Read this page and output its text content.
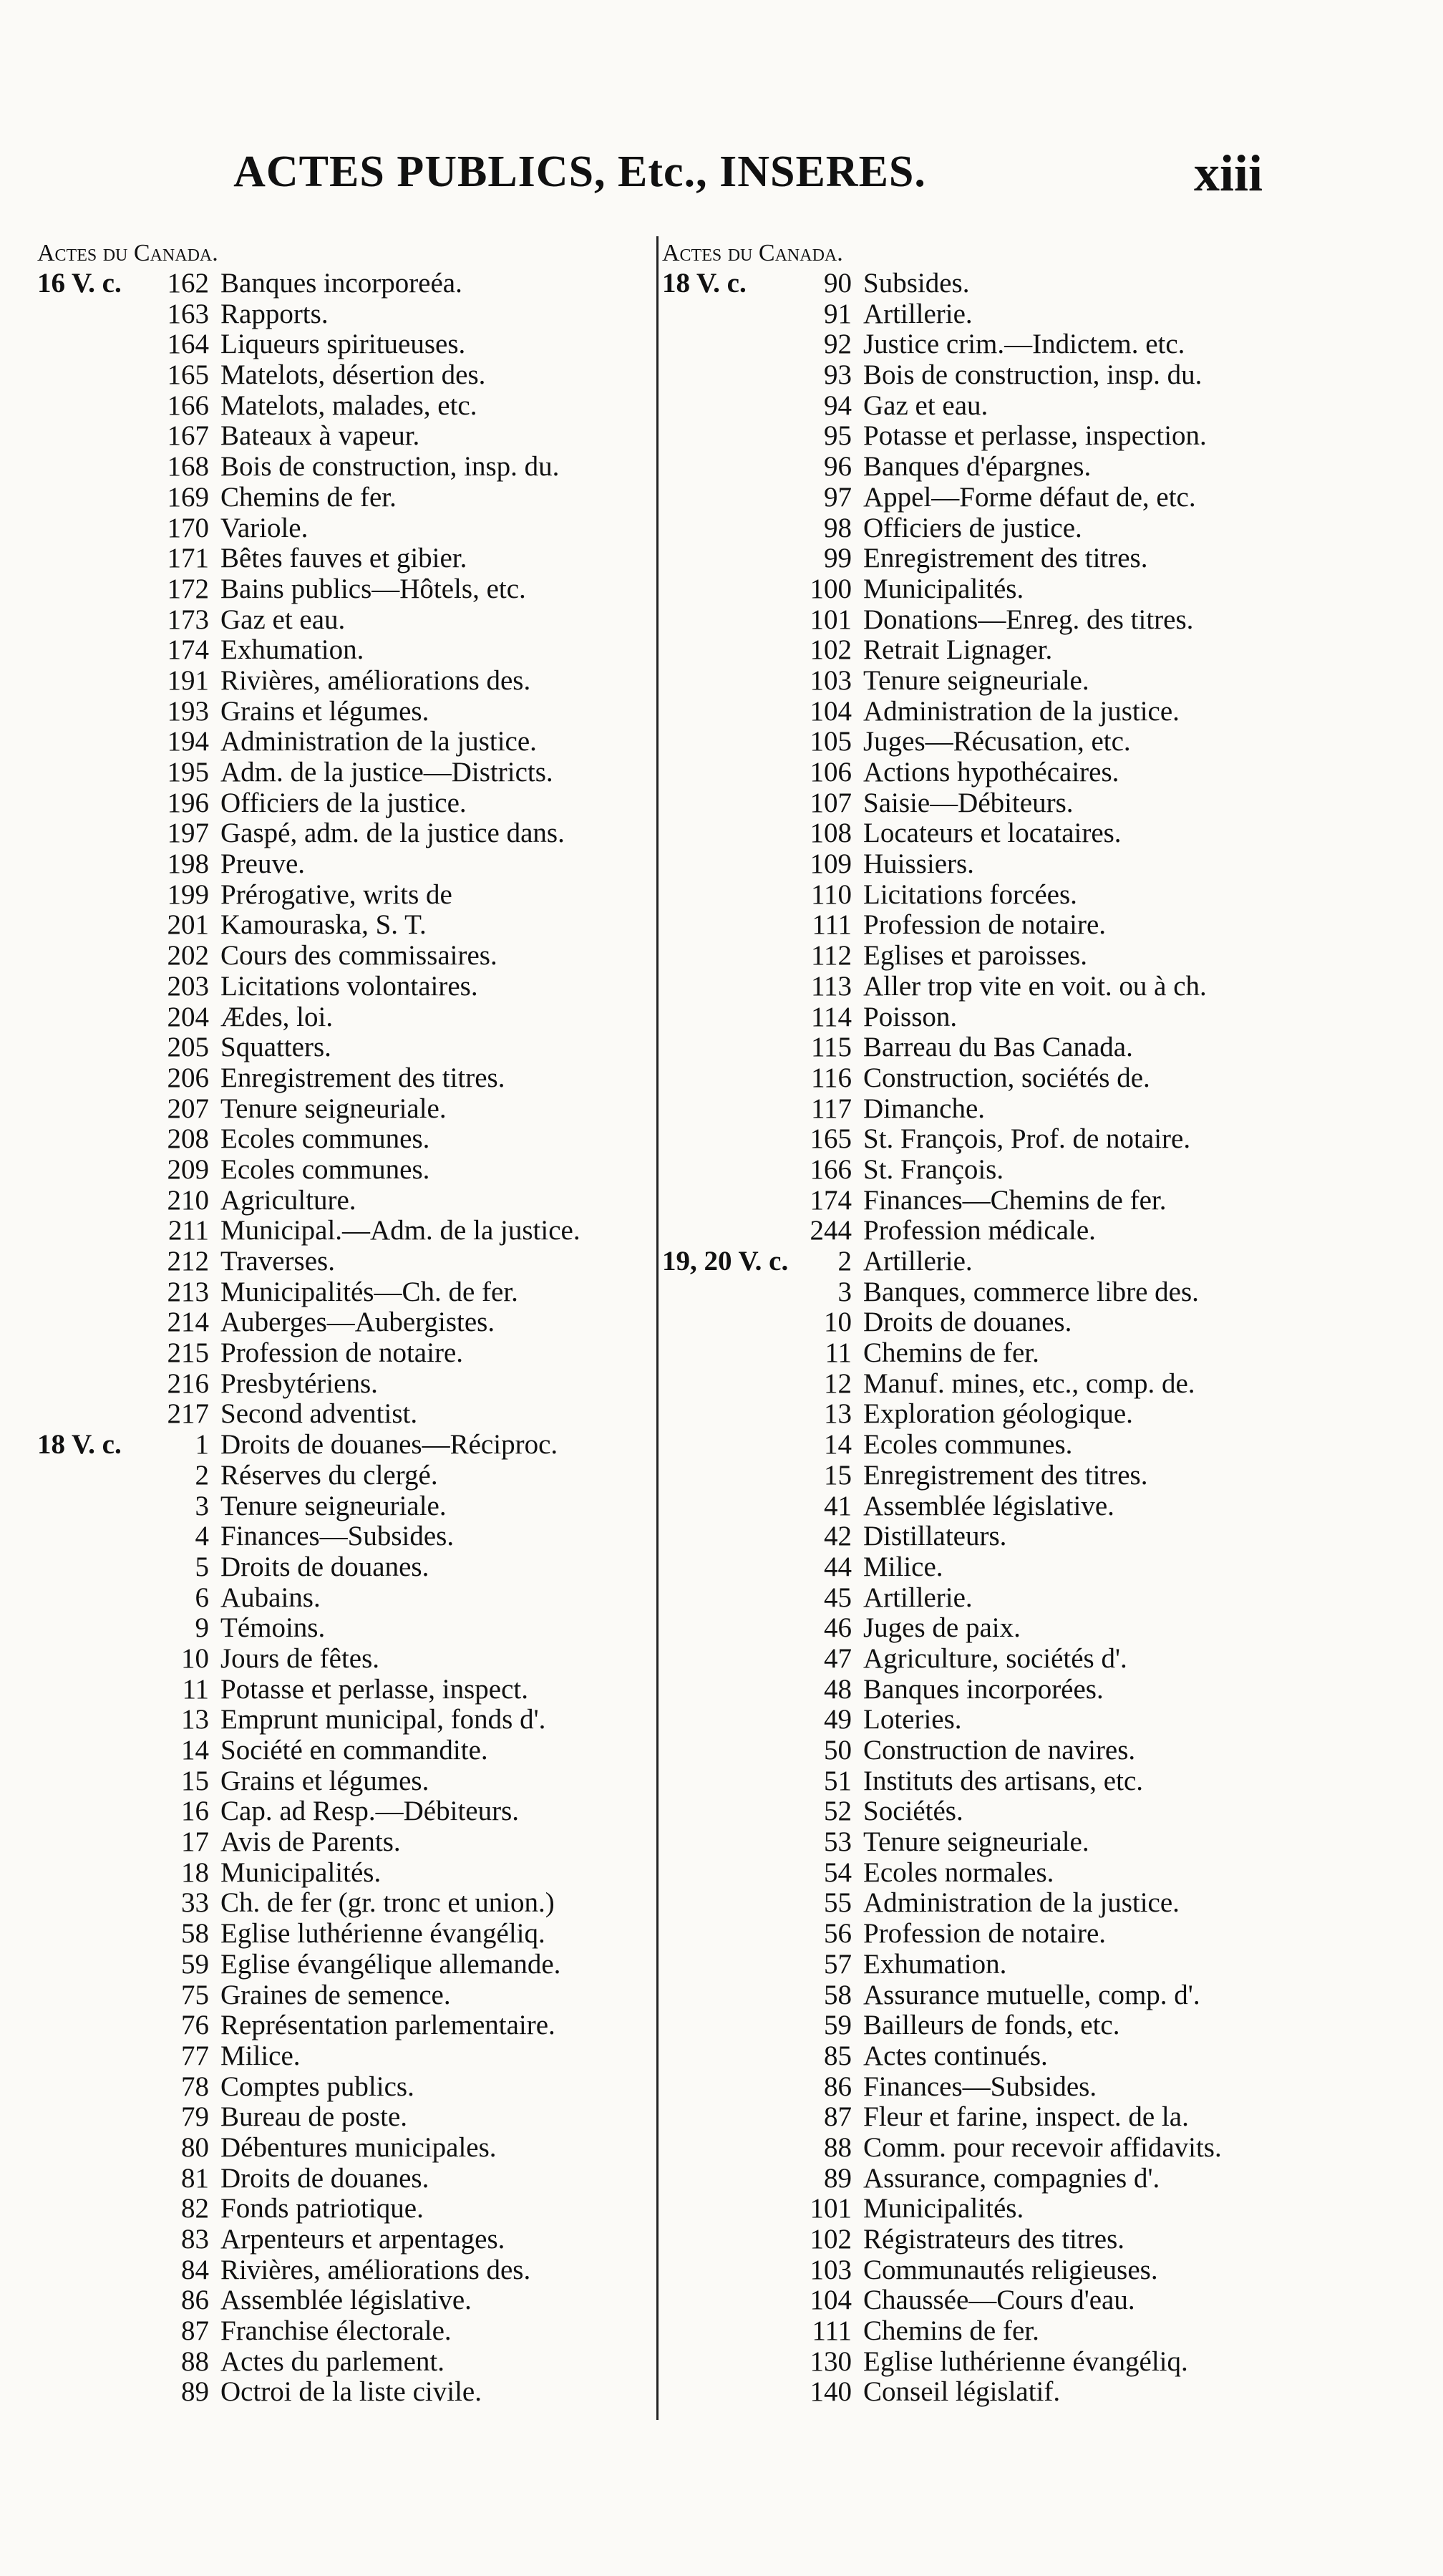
ACTES PUBLICS, Etc., INSERES.	xiii
Actes du Canada.
16 V. c.	162 Banques incorporeéa.
163 Rapports.
164 Liqueurs spiritueuses.
165 Matelots, désertion des.
166 Matelots, malades, etc.
167 Bateaux à vapeur.
168 Bois de construction, insp. du.
169 Chemins de fer.
170 Variole.
171 Bêtes fauves et gibier.
172 Bains publics—Hôtels, etc.
173 Gaz et eau.
174 Exhumation.
191 Rivières, améliorations des.
193 Grains et légumes.
194 Administration de la justice.
195 Adm. de la justice—Districts.
196 Officiers de la justice.
197 Gaspé, adm. de la justice dans.
198 Preuve.
199 Prérogative, writs de
201 Kamouraska, S. T.
202 Cours des commissaires.
203 Licitations volontaires.
204 Ædes, loi.
205 Squatters.
206 Enregistrement des titres.
207 Tenure seigneuriale.
208 Ecoles communes.
209 Ecoles communes.
210 Agriculture.
211 Municipal.—Adm. de la justice.
212 Traverses.
213 Municipalités—Ch. de fer.
214 Auberges—Aubergistes.
215 Profession de notaire.
216 Presbytériens.
217 Second adventist.
18 V. c.	1 Droits de douanes—Réciproc.
2 Réserves du clergé.
3 Tenure seigneuriale.
4 Finances—Subsides.
5 Droits de douanes.
6 Aubains.
9 Témoins.
10 Jours de fêtes.
11 Potasse et perlasse, inspect.
13 Emprunt municipal, fonds d'.
14 Société en commandite.
15 Grains et légumes.
16 Cap. ad Resp.—Débiteurs.
17 Avis de Parents.
18 Municipalités.
33 Ch. de fer (gr. tronc et union.)
58 Eglise luthérienne évangéliq.
59 Eglise évangélique allemande.
75 Graines de semence.
76 Représentation parlementaire.
77 Milice.
78 Comptes publics.
79 Bureau de poste.
80 Débentures municipales.
81 Droits de douanes.
82 Fonds patriotique.
83 Arpenteurs et arpentages.
84 Rivières, améliorations des.
86 Assemblée législative.
87 Franchise électorale.
88 Actes du parlement.
89 Octroi de la liste civile.
Actes du Canada.
18 V. c.	90 Subsides.
91 Artillerie.
92 Justice crim.—Indictem. etc.
93 Bois de construction, insp. du.
94 Gaz et eau.
95 Potasse et perlasse, inspection.
96 Banques d'épargnes.
97 Appel—Forme défaut de, etc.
98 Officiers de justice.
99 Enregistrement des titres.
100 Municipalités.
101 Donations—Enreg. des titres.
102 Retrait Lignager.
103 Tenure seigneuriale.
104 Administration de la justice.
105 Juges—Récusation, etc.
106 Actions hypothécaires.
107 Saisie—Débiteurs.
108 Locateurs et locataires.
109 Huissiers.
110 Licitations forcées.
111 Profession de notaire.
112 Eglises et paroisses.
113 Aller trop vite en voit. ou à ch.
114 Poisson.
115 Barreau du Bas Canada.
116 Construction, sociétés de.
117 Dimanche.
165 St. François, Prof. de notaire.
166 St. François.
174 Finances—Chemins de fer.
244 Profession médicale.
19, 20 V. c.	2 Artillerie.
3 Banques, commerce libre des.
10 Droits de douanes.
11 Chemins de fer.
12 Manuf. mines, etc., comp. de.
13 Exploration géologique.
14 Ecoles communes.
15 Enregistrement des titres.
41 Assemblée législative.
42 Distillateurs.
44 Milice.
45 Artillerie.
46 Juges de paix.
47 Agriculture, sociétés d'.
48 Banques incorporées.
49 Loteries.
50 Construction de navires.
51 Instituts des artisans, etc.
52 Sociétés.
53 Tenure seigneuriale.
54 Ecoles normales.
55 Administration de la justice.
56 Profession de notaire.
57 Exhumation.
58 Assurance mutuelle, comp. d'.
59 Bailleurs de fonds, etc.
85 Actes continués.
86 Finances—Subsides.
87 Fleur et farine, inspect. de la.
88 Comm. pour recevoir affidavits.
89 Assurance, compagnies d'.
101 Municipalités.
102 Régistrateurs des titres.
103 Communautés religieuses.
104 Chaussée—Cours d'eau.
111 Chemins de fer.
130 Eglise luthérienne évangéliq.
140 Conseil législatif.
